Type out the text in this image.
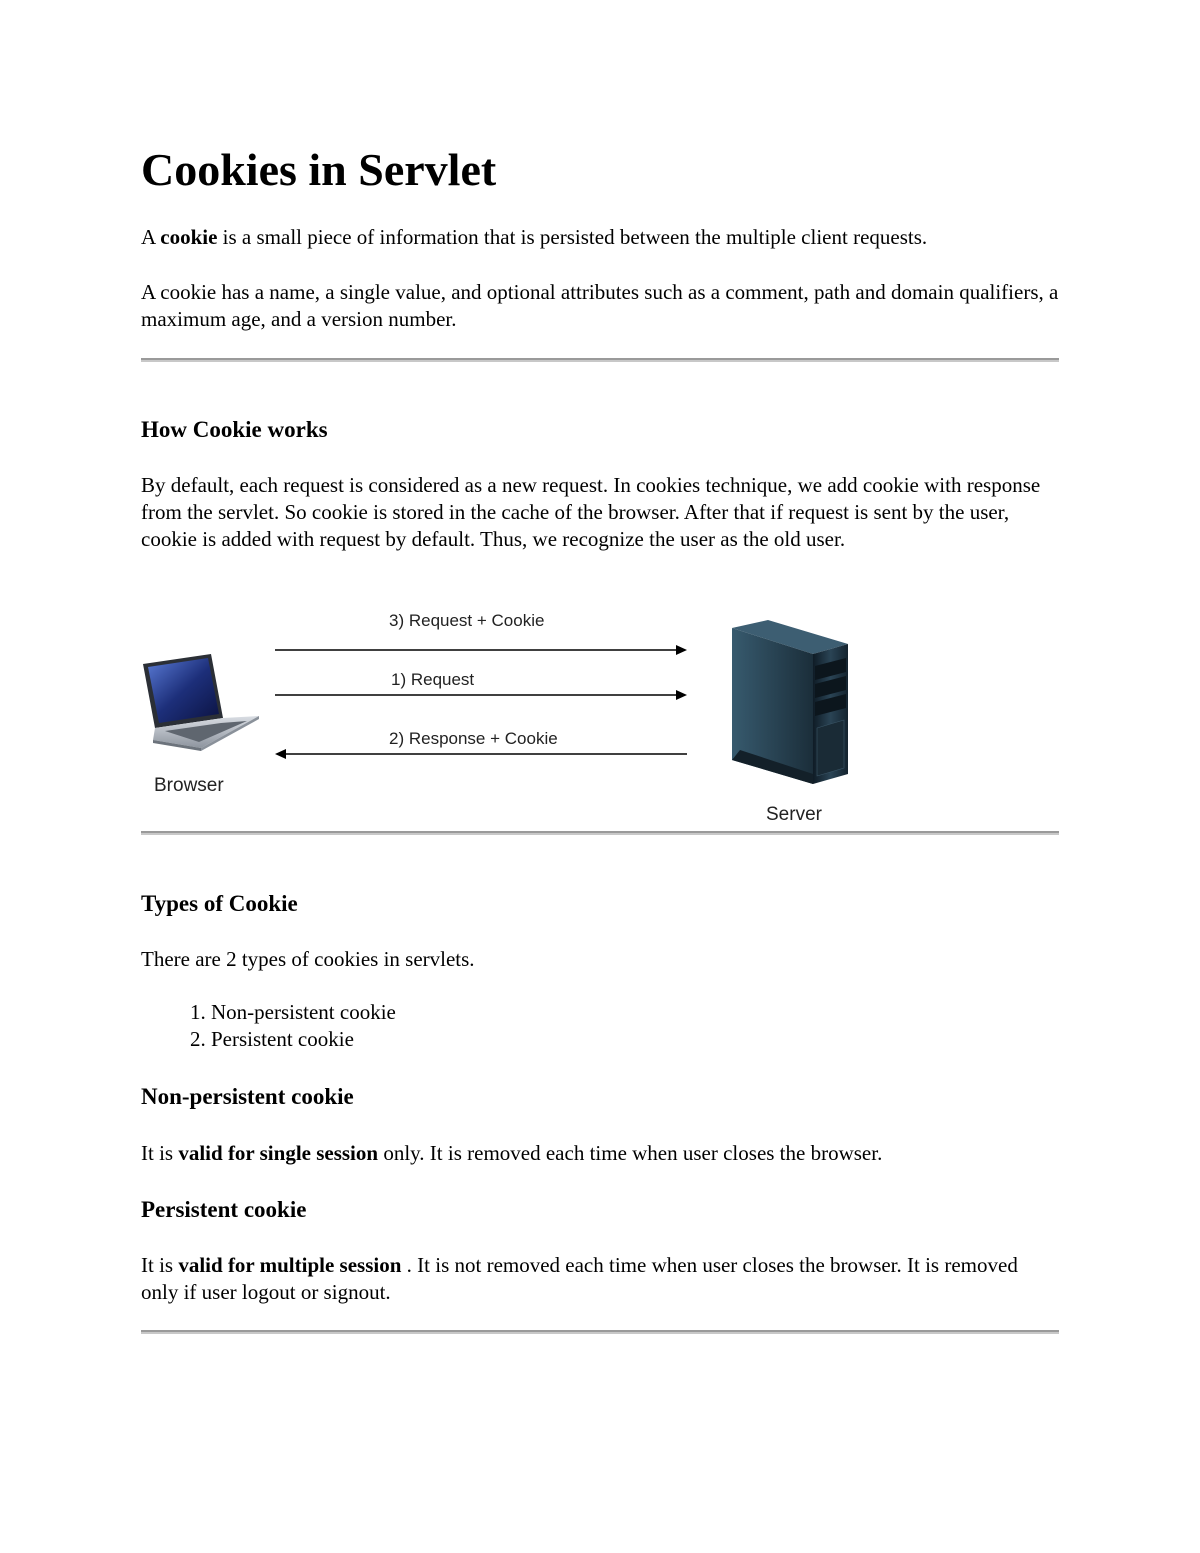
Cookies in Servlet

A cookie is a small piece of information that is persisted between the multiple client requests.

A cookie has a name, a single value, and optional attributes such as a comment, path and domain qualifiers, a maximum age, and a version number.

How Cookie works

By default, each request is considered as a new request. In cookies technique, we add cookie with response from the servlet. So cookie is stored in the cache of the browser. After that if request is sent by the user, cookie is added with request by default. Thus, we recognize the user as the old user.

Browser
3) Request + Cookie
1) Request
2) Response + Cookie
Server
Types of Cookie

There are 2 types of cookies in servlets.

1. Non-persistent cookie
2. Persistent cookie
Non-persistent cookie

It is valid for single session only. It is removed each time when user closes the browser.

Persistent cookie

It is valid for multiple session . It is not removed each time when user closes the browser. It is removed only if user logout or signout.
